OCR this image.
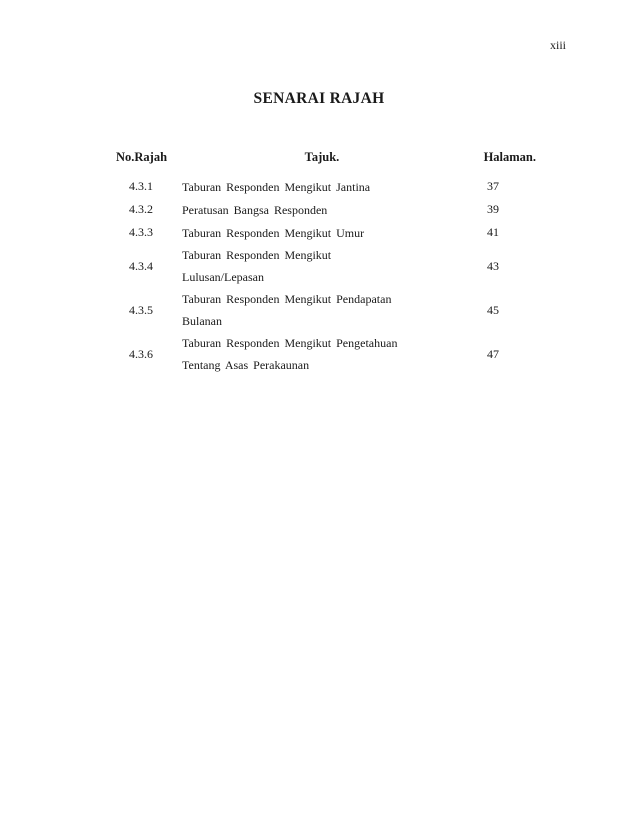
xiii
SENARAI RAJAH
No.Rajah	Tajuk.	Halaman.
4.3.1	Taburan Responden Mengikut Jantina	37
4.3.2	Peratusan Bangsa Responden	39
4.3.3	Taburan Responden Mengikut Umur	41
4.3.4	Taburan Responden Mengikut
Lulusan/Lepasan	43
4.3.5	Taburan Responden Mengikut Pendapatan
Bulanan	45
4.3.6	Taburan Responden Mengikut Pengetahuan
Tentang Asas Perakaunan	47
